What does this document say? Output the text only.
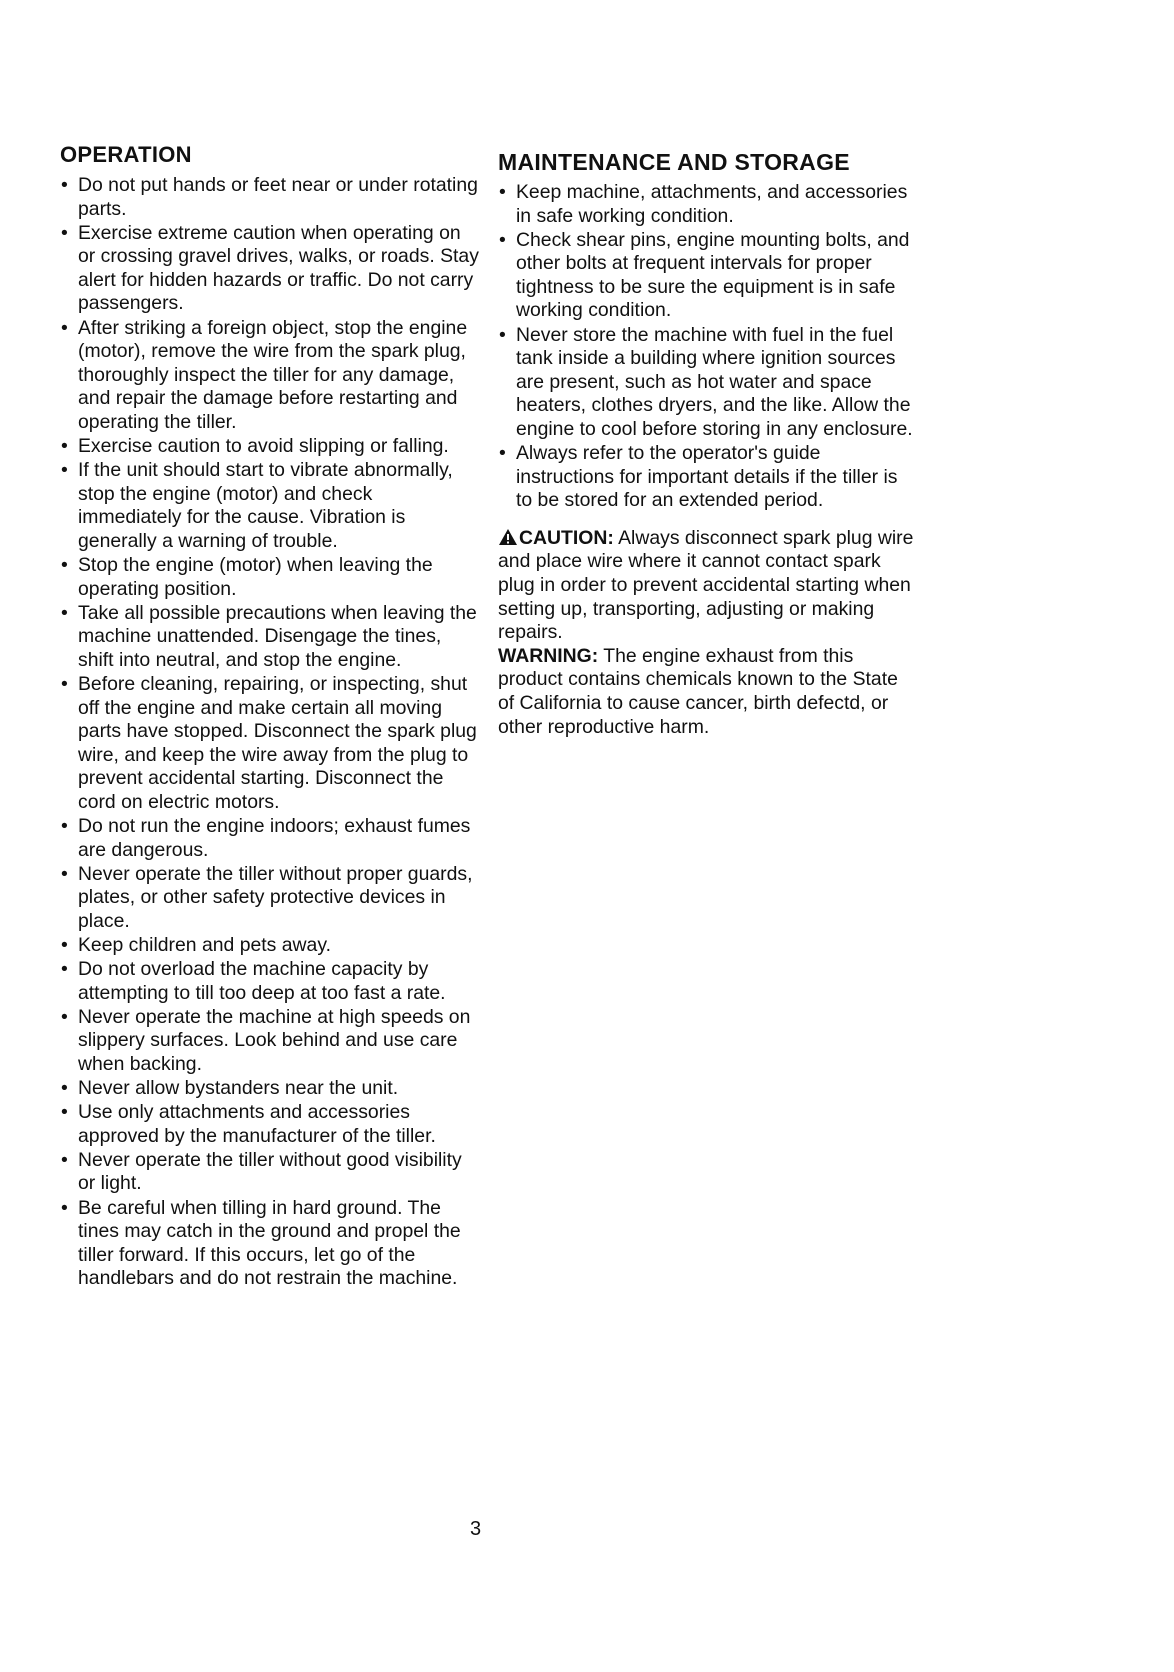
OPERATION
• Do not put hands or feet near or under rotating parts.
• Exercise extreme caution when operating on or crossing gravel drives, walks, or roads. Stay alert for hidden hazards or traffic. Do not carry passengers.
• After striking a foreign object, stop the engine (motor), remove the wire from the spark plug, thoroughly inspect the tiller for any damage, and repair the damage before restarting and operating the tiller.
• Exercise caution to avoid slipping or falling.
• If the unit should start to vibrate abnormally, stop the engine (motor) and check immediately for the cause. Vibration is generally a warning of trouble.
• Stop the engine (motor) when leaving the operating position.
• Take all possible precautions when leaving the machine unattended. Disengage the tines, shift into neutral, and stop the engine.
• Before cleaning, repairing, or inspecting, shut off the engine and make certain all moving parts have stopped. Disconnect the spark plug wire, and keep the wire away from the plug to prevent accidental starting. Disconnect the cord on electric motors.
• Do not run the engine indoors; exhaust fumes are dangerous.
• Never operate the tiller without proper guards, plates, or other safety protective devices in place.
• Keep children and pets away.
• Do not overload the machine capacity by attempting to till too deep at too fast a rate.
• Never operate the machine at high speeds on slippery surfaces. Look behind and use care when backing.
• Never allow bystanders near the unit.
• Use only attachments and accessories approved by the manufacturer of the tiller.
• Never operate the tiller without good visibility or light.
• Be careful when tilling in hard ground. The tines may catch in the ground and propel the tiller forward. If this occurs, let go of the handlebars and do not restrain the machine.
MAINTENANCE AND STORAGE
• Keep machine, attachments, and accessories in safe working condition.
• Check shear pins, engine mounting bolts, and other bolts at frequent intervals for proper tightness to be sure the equipment is in safe working condition.
• Never store the machine with fuel in the fuel tank inside a building where ignition sources are present, such as hot water and space heaters, clothes dryers, and the like. Allow the engine to cool before storing in any enclosure.
• Always refer to the operator's guide instructions for important details if the tiller is to be stored for an extended period.

CAUTION: Always disconnect spark plug wire and place wire where it cannot contact spark plug in order to prevent accidental starting when setting up, transporting, adjusting or making repairs.

WARNING: The engine exhaust from this product contains chemicals known to the State of California to cause cancer, birth defectd, or other reproductive harm.

3
